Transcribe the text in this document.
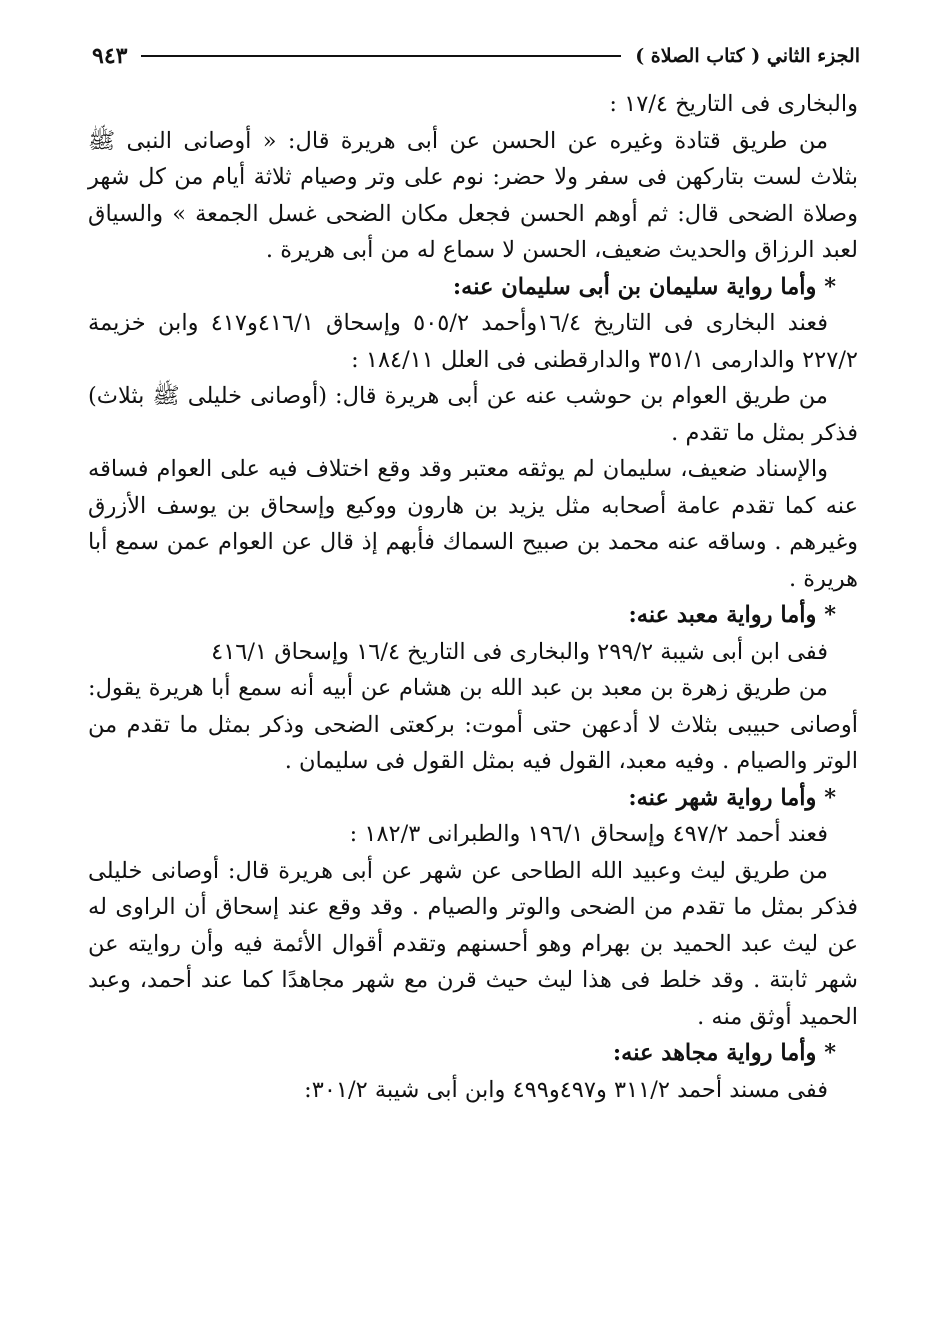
الجزء الثاني ( كتاب الصلاة )
٩٤٣

والبخارى فى التاريخ ١٧/٤ :

من طريق قتادة وغيره عن الحسن عن أبى هريرة قال: « أوصانى النبى ﷺ بثلاث لست بتاركهن فى سفر ولا حضر: نوم على وتر وصيام ثلاثة أيام من كل شهر وصلاة الضحى قال: ثم أوهم الحسن فجعل مكان الضحى غسل الجمعة » والسياق لعبد الرزاق والحديث ضعيف، الحسن لا سماع له من أبى هريرة .

* وأما رواية سليمان بن أبى سليمان عنه:

فعند البخارى فى التاريخ ١٦/٤وأحمد ٥٠٥/٢ وإسحاق ٤١٦/١و٤١٧ وابن خزيمة ٢٢٧/٢ والدارمى ٣٥١/١ والدارقطنى فى العلل ١٨٤/١١ :

من طريق العوام بن حوشب عنه عن أبى هريرة قال: (أوصانى خليلى ﷺ بثلاث) فذكر بمثل ما تقدم .

والإسناد ضعيف، سليمان لم يوثقه معتبر وقد وقع اختلاف فيه على العوام فساقه عنه كما تقدم عامة أصحابه مثل يزيد بن هارون ووكيع وإسحاق بن يوسف الأزرق وغيرهم . وساقه عنه محمد بن صبيح السماك فأبهم إذ قال عن العوام عمن سمع أبا هريرة .

* وأما رواية معبد عنه:

ففى ابن أبى شيبة ٢٩٩/٢ والبخارى فى التاريخ ١٦/٤ وإسحاق ٤١٦/١

من طريق زهرة بن معبد بن عبد الله بن هشام عن أبيه أنه سمع أبا هريرة يقول: أوصانى حبيبى بثلاث لا أدعهن حتى أموت: بركعتى الضحى وذكر بمثل ما تقدم من الوتر والصيام . وفيه معبد، القول فيه بمثل القول فى سليمان .

* وأما رواية شهر عنه:

فعند أحمد ٤٩٧/٢ وإسحاق ١٩٦/١ والطبرانى ١٨٢/٣ :

من طريق ليث وعبيد الله الطاحى عن شهر عن أبى هريرة قال: أوصانى خليلى فذكر بمثل ما تقدم من الضحى والوتر والصيام . وقد وقع عند إسحاق أن الراوى له عن ليث عبد الحميد بن بهرام وهو أحسنهم وتقدم أقوال الأئمة فيه وأن روايته عن شهر ثابتة . وقد خلط فى هذا ليث حيث قرن مع شهر مجاهدًا كما عند أحمد، وعبد الحميد أوثق منه .

* وأما رواية مجاهد عنه:

ففى مسند أحمد ٣١١/٢ و٤٩٧و٤٩٩ وابن أبى شيبة ٣٠١/٢:
